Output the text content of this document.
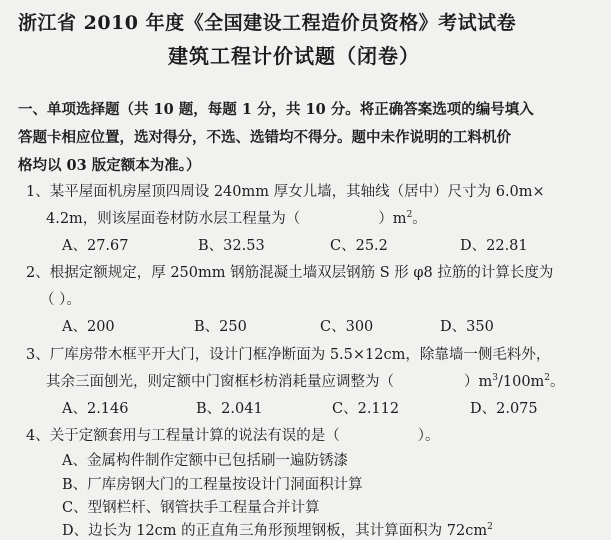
浙江省 2010 年度《全国建设工程造价员资格》考试试卷
建筑工程计价试题（闭卷）
一、单项选择题（共 10 题，每题 1 分，共 10 分。将正确答案选项的编号填入
答题卡相应位置，选对得分，不选、选错均不得分。题中未作说明的工料机价
格均以 03 版定额本为准。）
1、某平屋面机房屋顶四周设 240mm 厚女儿墙，其轴线（居中）尺寸为 6.0m×
4.2m，则该屋面卷材防水层工程量为（	）$m^2$。
A、27.67	B、32.53	C、25.2	D、22.81
2、根据定额规定，厚 250mm 钢筋混凝土墙双层钢筋 S 形 φ8 拉筋的计算长度为
（ ）。
A、200	B、250	C、300	D、350
3、厂库房带木框平开大门，设计门框净断面为 5.5×12cm，除靠墙一侧毛料外，
其余三面刨光，则定额中门窗框杉枋消耗量应调整为（	）$m^3/100m^2$。
A、2.146	B、2.041	C、2.112	D、2.075
4、关于定额套用与工程量计算的说法有误的是（	）。
A、金属构件制作定额中已包括刷一遍防锈漆
B、厂库房钢大门的工程量按设计门洞面积计算
C、型钢栏杆、钢管扶手工程量合并计算
D、边长为 12cm 的正直角三角形预埋钢板，其计算面积为 $72cm^2$
